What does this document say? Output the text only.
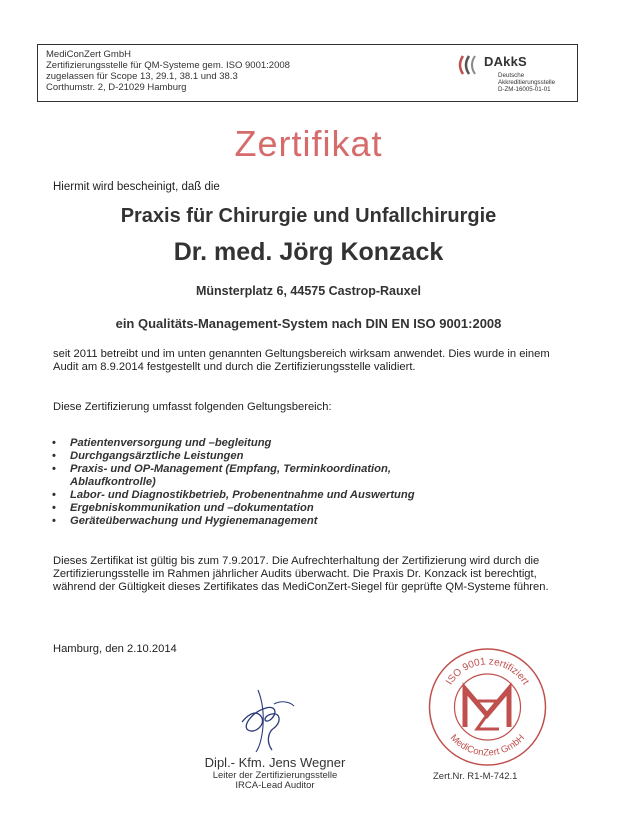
MediConZert GmbH
Zertifizierungsstelle für QM-Systeme gem. ISO 9001:2008
zugelassen für Scope 13, 29.1, 38.1 und 38.3
Corthumstr. 2, D-21029 Hamburg
DAkkS
Deutsche
Akkreditierungsstelle
D-ZM-16005-01-01
Zertifikat
Hiermit wird bescheinigt, daß die
Praxis für Chirurgie und Unfallchirurgie
Dr. med. Jörg Konzack
Münsterplatz 6, 44575 Castrop-Rauxel
ein Qualitäts-Management-System nach DIN EN ISO 9001:2008
seit 2011 betreibt und im unten genannten Geltungsbereich wirksam anwendet. Dies wurde in einem Audit am 8.9.2014 festgestellt und durch die Zertifizierungsstelle validiert.
Diese Zertifizierung umfasst folgenden Geltungsbereich:
• Patientenversorgung und –begleitung
• Durchgangsärztliche Leistungen
• Praxis- und OP-Management (Empfang, Terminkoordination, Ablaufkontrolle)
• Labor- und Diagnostikbetrieb, Probenentnahme und Auswertung
• Ergebniskommunikation und –dokumentation
• Geräteüberwachung und Hygienemanagement
Dieses Zertifikat ist gültig bis zum 7.9.2017. Die Aufrechterhaltung der Zertifizierung wird durch die Zertifizierungsstelle im Rahmen jährlicher Audits überwacht. Die Praxis Dr. Konzack ist berechtigt, während der Gültigkeit dieses Zertifikates das MediConZert-Siegel für geprüfte QM-Systeme führen.
Hamburg, den 2.10.2014
Dipl.- Kfm. Jens Wegner
Leiter der Zertifizierungsstelle
IRCA-Lead Auditor
ISO 9001 zertifiziert
MediConZert GmbH
Zert.Nr. R1-M-742.1
